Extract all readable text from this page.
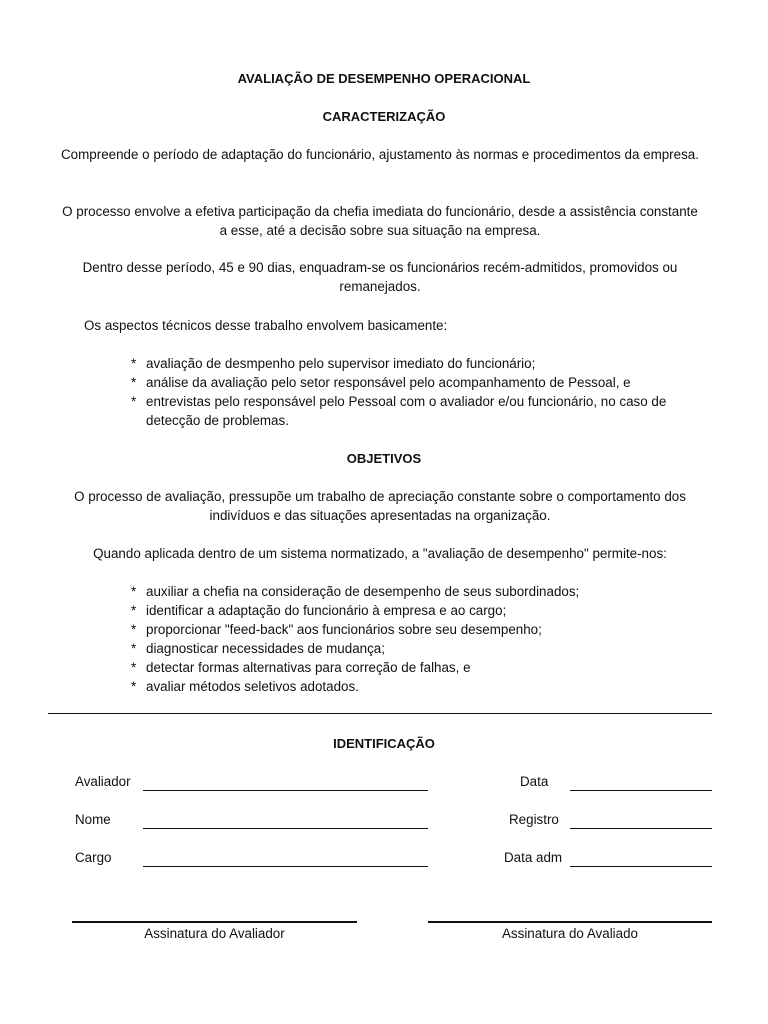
AVALIAÇÃO DE DESEMPENHO OPERACIONAL
CARACTERIZAÇÃO
Compreende o período de adaptação do funcionário, ajustamento às normas e procedimentos da empresa.
O processo envolve a efetiva participação da chefia imediata do funcionário, desde a assistência constante a esse, até a decisão sobre sua situação na empresa.
Dentro desse período, 45 e 90 dias, enquadram-se os funcionários recém-admitidos, promovidos ou remanejados.
Os aspectos técnicos desse trabalho envolvem basicamente:
* avaliação de desmpenho pelo supervisor imediato do funcionário;
* análise da avaliação pelo setor responsável pelo acompanhamento de Pessoal, e
* entrevistas pelo responsável pelo Pessoal com o avaliador e/ou funcionário, no caso de detecção de problemas.
OBJETIVOS
O processo de avaliação, pressupõe um trabalho de apreciação constante sobre o comportamento dos indivíduos e das situações apresentadas na organização.
Quando aplicada dentro de um sistema normatizado, a "avaliação de desempenho" permite-nos:
* auxiliar a chefia na consideração de desempenho de seus subordinados;
* identificar a adaptação do funcionário à empresa e ao cargo;
* proporcionar "feed-back" aos funcionários sobre seu desempenho;
* diagnosticar necessidades de mudança;
* detectar formas alternativas para correção de falhas, e
* avaliar métodos seletivos adotados.
IDENTIFICAÇÃO
Avaliador	Data
Nome	Registro
Cargo	Data adm
Assinatura do Avaliador	Assinatura do Avaliado
